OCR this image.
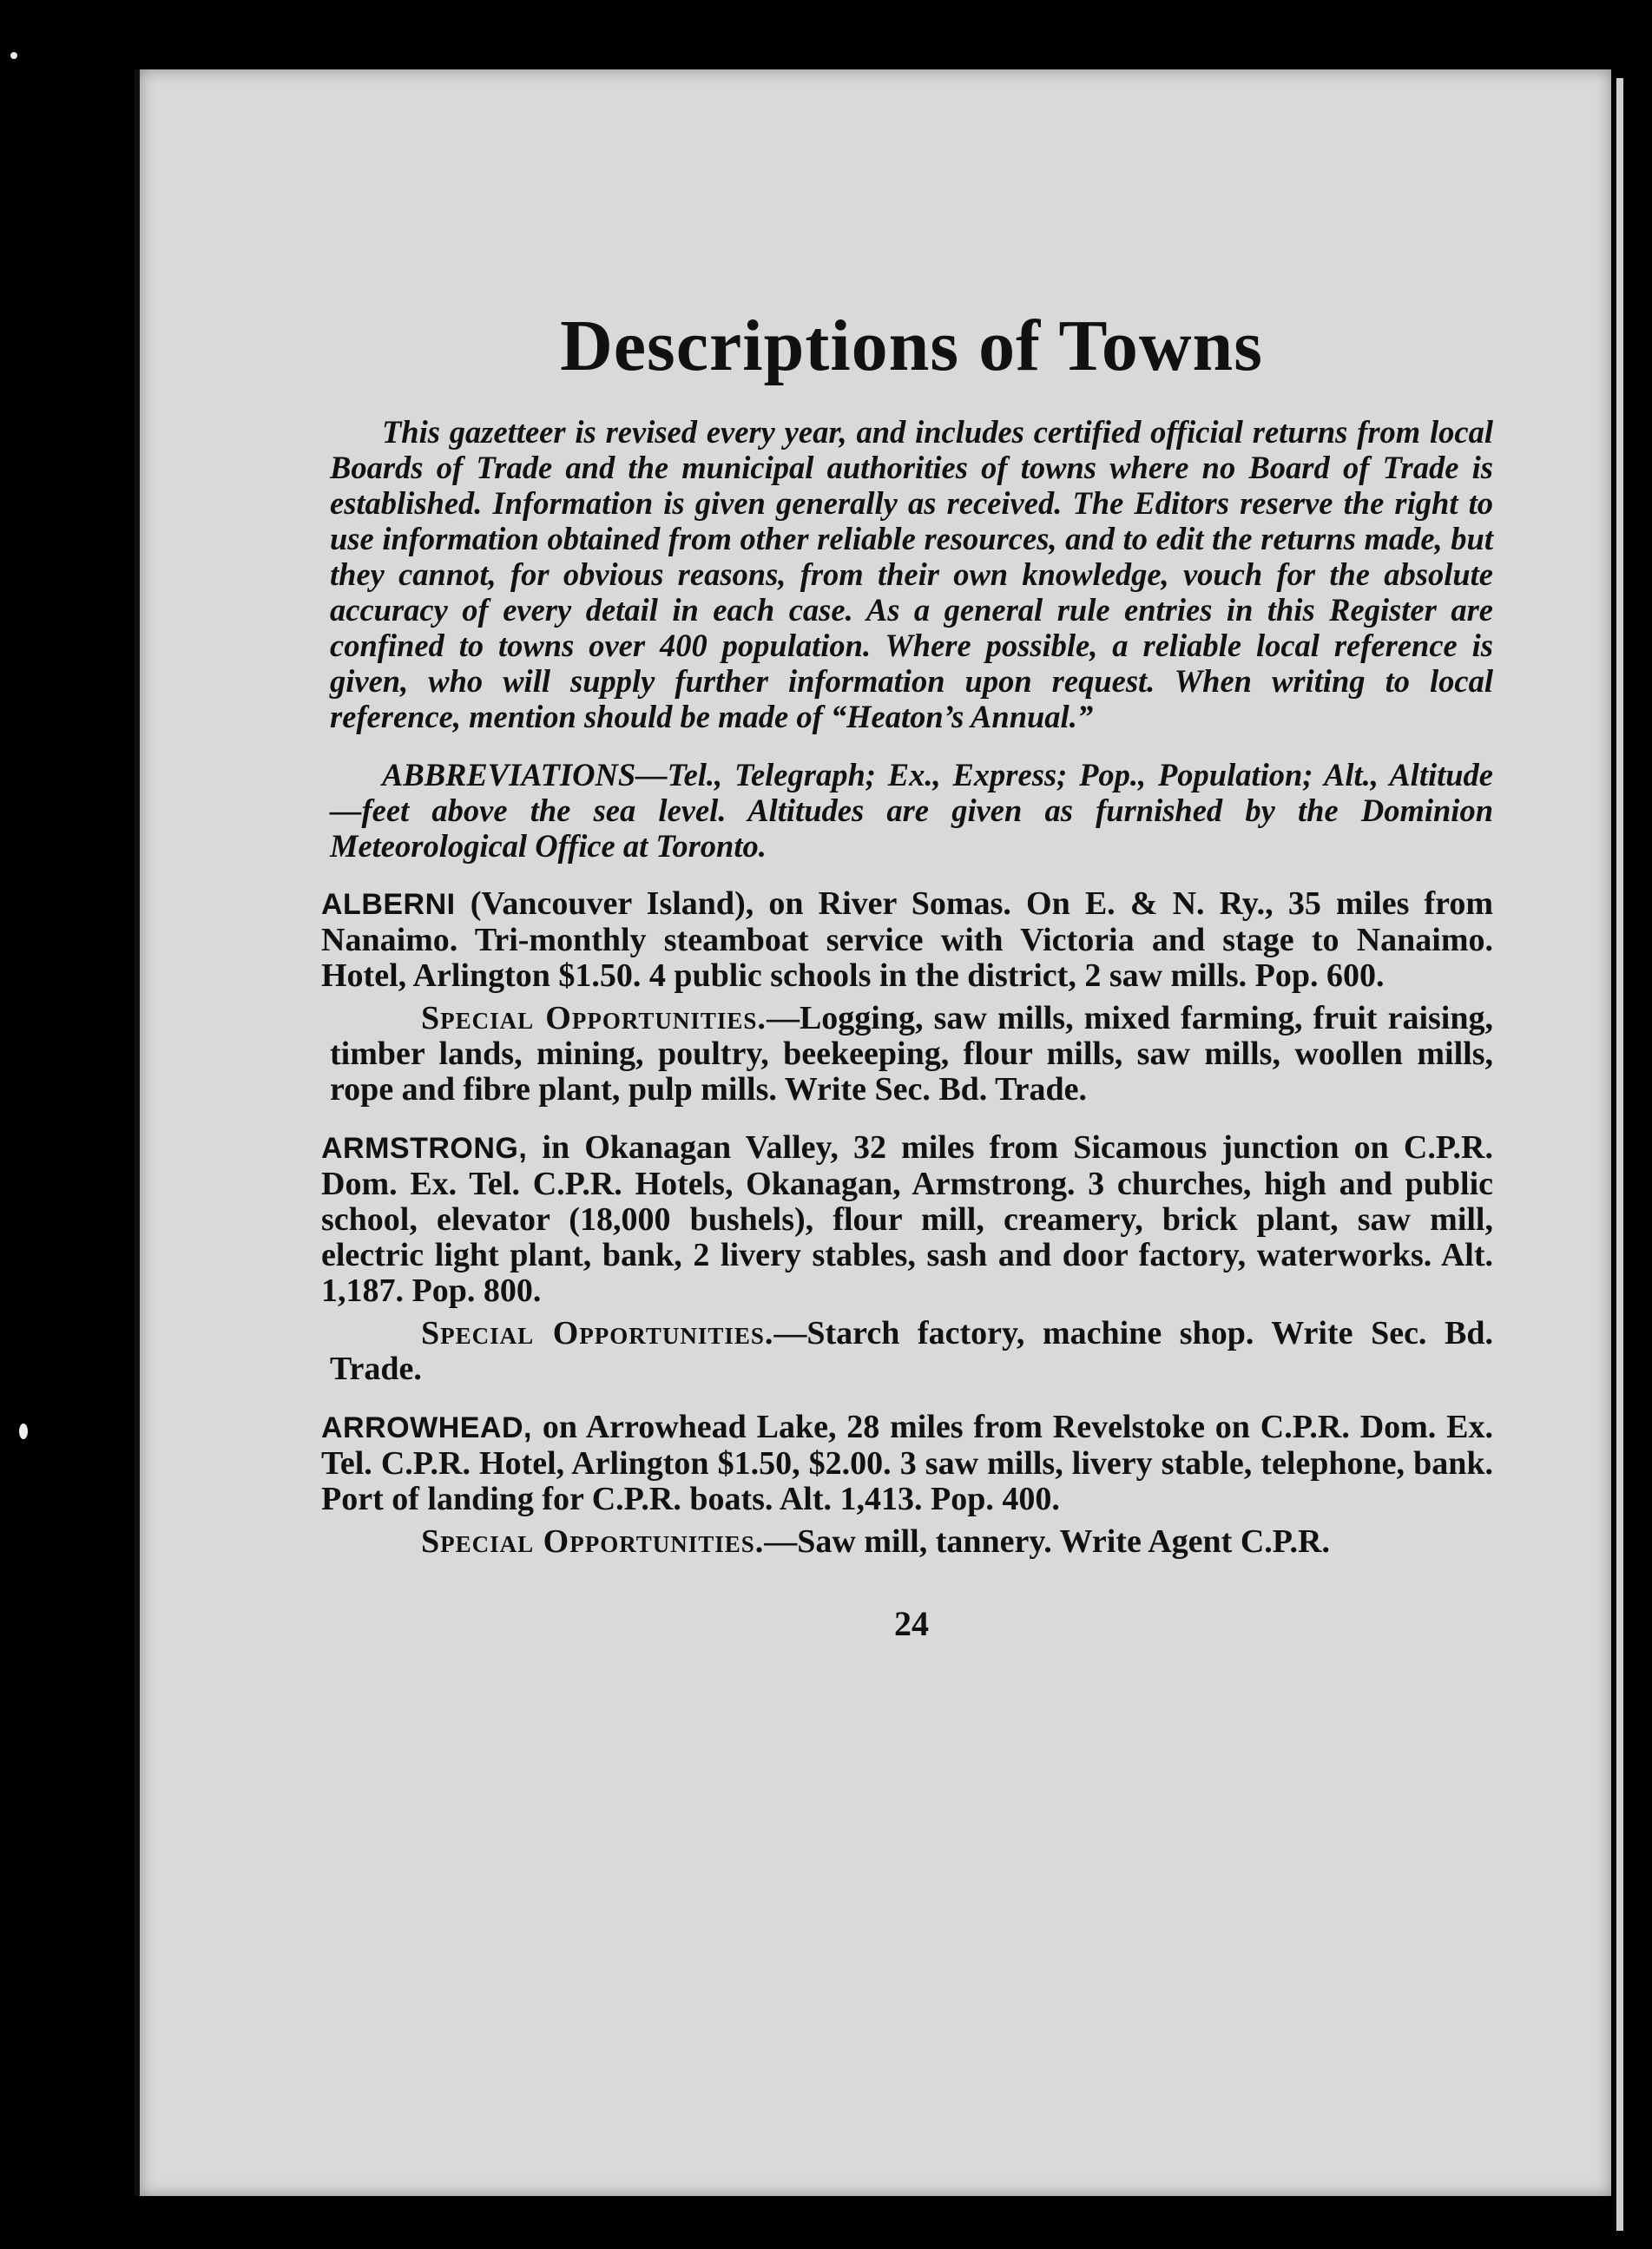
Descriptions of Towns

This gazetteer is revised every year, and includes certified official returns from local Boards of Trade and the municipal authorities of towns where no Board of Trade is established. Information is given generally as received. The Editors reserve the right to use information obtained from other reliable resources, and to edit the returns made, but they cannot, for obvious reasons, from their own knowledge, vouch for the absolute accuracy of every detail in each case. As a general rule entries in this Register are confined to towns over 400 population. Where possible, a reliable local reference is given, who will supply further information upon request. When writing to local reference, mention should be made of “Heaton’s Annual.”

ABBREVIATIONS—Tel., Telegraph; Ex., Express; Pop., Population; Alt., Altitude—feet above the sea level. Altitudes are given as furnished by the Dominion Meteorological Office at Toronto.

ALBERNI (Vancouver Island), on River Somas. On E. & N. Ry., 35 miles from Nanaimo. Tri-monthly steamboat service with Victoria and stage to Nanaimo. Hotel, Arlington $1.50. 4 public schools in the district, 2 saw mills. Pop. 600.

Special Opportunities.—Logging, saw mills, mixed farming, fruit raising, timber lands, mining, poultry, beekeeping, flour mills, saw mills, woollen mills, rope and fibre plant, pulp mills. Write Sec. Bd. Trade.

ARMSTRONG, in Okanagan Valley, 32 miles from Sicamous junction on C.P.R. Dom. Ex. Tel. C.P.R. Hotels, Okanagan, Armstrong. 3 churches, high and public school, elevator (18,000 bushels), flour mill, creamery, brick plant, saw mill, electric light plant, bank, 2 livery stables, sash and door factory, waterworks. Alt. 1,187. Pop. 800.

Special Opportunities.—Starch factory, machine shop. Write Sec. Bd. Trade.

ARROWHEAD, on Arrowhead Lake, 28 miles from Revelstoke on C.P.R. Dom. Ex. Tel. C.P.R. Hotel, Arlington $1.50, $2.00. 3 saw mills, livery stable, telephone, bank. Port of landing for C.P.R. boats. Alt. 1,413. Pop. 400.

Special Opportunities.—Saw mill, tannery. Write Agent C.P.R.

24
